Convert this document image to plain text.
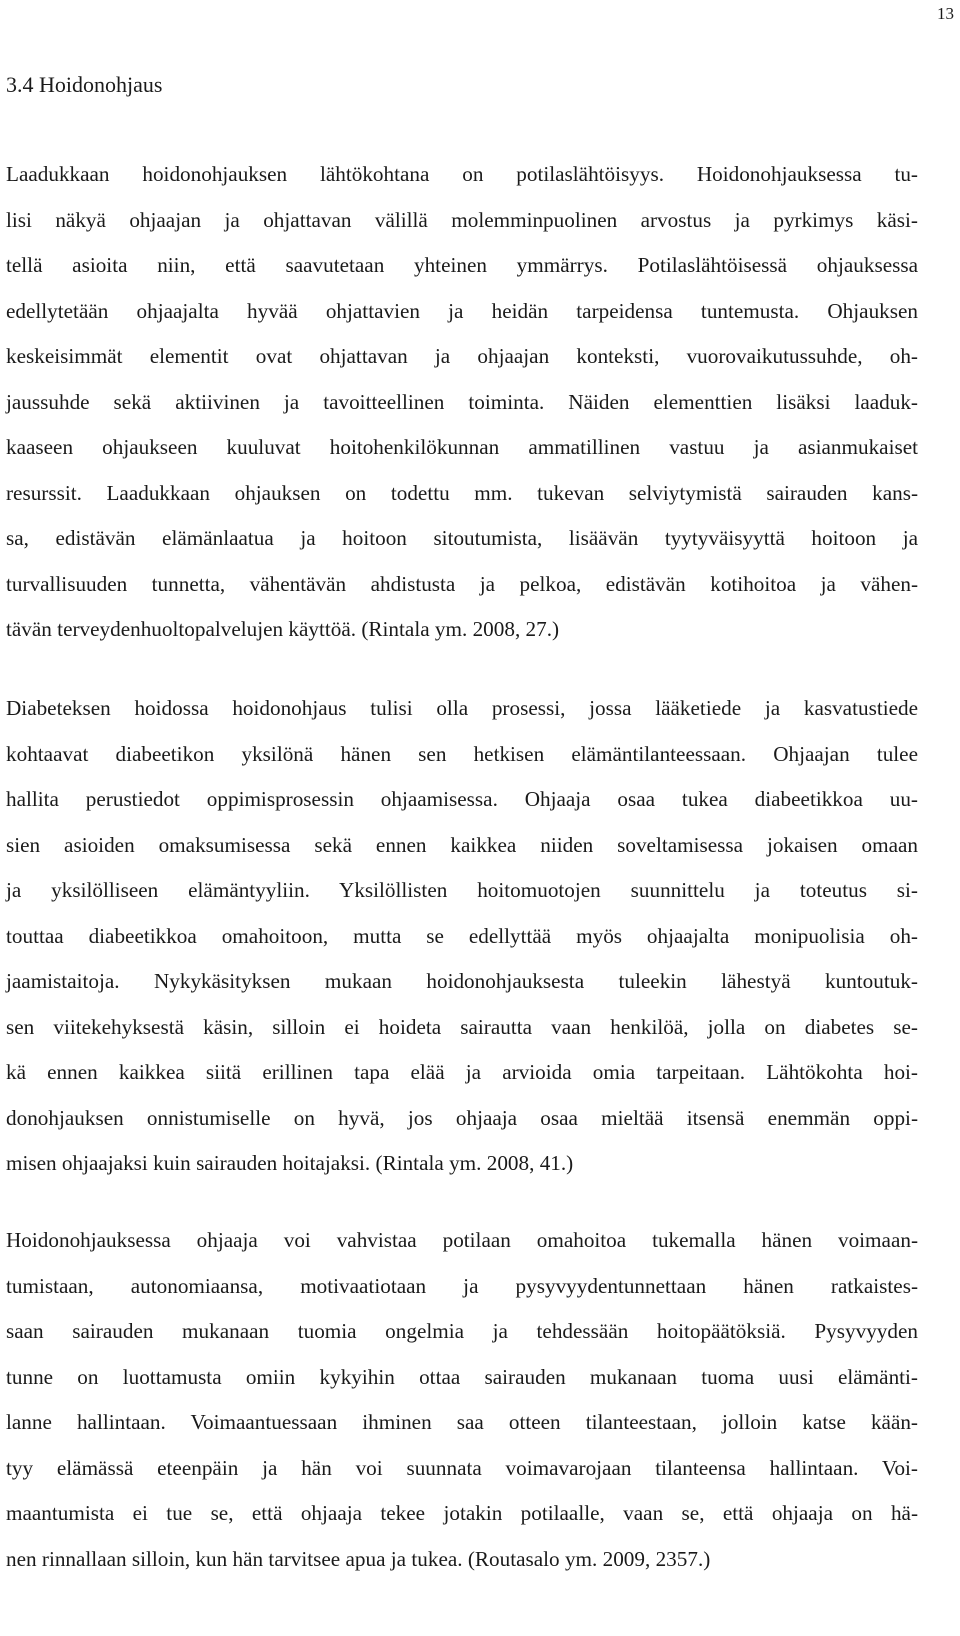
13
3.4 Hoidonohjaus
Laadukkaan hoidonohjauksen lähtökohtana on potilaslähtöisyys. Hoidonohjauksessa tu-
lisi näkyä ohjaajan ja ohjattavan välillä molemminpuolinen arvostus ja pyrkimys käsi-
tellä asioita niin, että saavutetaan yhteinen ymmärrys. Potilaslähtöisessä ohjauksessa
edellytetään ohjaajalta hyvää ohjattavien ja heidän tarpeidensa tuntemusta. Ohjauksen
keskeisimmät elementit ovat ohjattavan ja ohjaajan konteksti, vuorovaikutussuhde, oh-
jaussuhde sekä aktiivinen ja tavoitteellinen toiminta. Näiden elementtien lisäksi laaduk-
kaaseen ohjaukseen kuuluvat hoitohenkilökunnan ammatillinen vastuu ja asianmukaiset
resurssit. Laadukkaan ohjauksen on todettu mm. tukevan selviytymistä sairauden kans-
sa, edistävän elämänlaatua ja hoitoon sitoutumista, lisäävän tyytyväisyyttä hoitoon ja
turvallisuuden tunnetta, vähentävän ahdistusta ja pelkoa, edistävän kotihoitoa ja vähen-
tävän terveydenhuoltopalvelujen käyttöä. (Rintala ym. 2008, 27.)
Diabeteksen hoidossa hoidonohjaus tulisi olla prosessi, jossa lääketiede ja kasvatustiede
kohtaavat diabeetikon yksilönä hänen sen hetkisen elämäntilanteessaan. Ohjaajan tulee
hallita perustiedot oppimisprosessin ohjaamisessa. Ohjaaja osaa tukea diabeetikkoa uu-
sien asioiden omaksumisessa sekä ennen kaikkea niiden soveltamisessa jokaisen omaan
ja yksilölliseen elämäntyyliin. Yksilöllisten hoitomuotojen suunnittelu ja toteutus si-
touttaa diabeetikkoa omahoitoon, mutta se edellyttää myös ohjaajalta monipuolisia oh-
jaamistaitoja. Nykykäsityksen mukaan hoidonohjauksesta tuleekin lähestyä kuntoutuk-
sen viitekehyksestä käsin, silloin ei hoideta sairautta vaan henkilöä, jolla on diabetes se-
kä ennen kaikkea siitä erillinen tapa elää ja arvioida omia tarpeitaan. Lähtökohta hoi-
donohjauksen onnistumiselle on hyvä, jos ohjaaja osaa mieltää itsensä enemmän oppi-
misen ohjaajaksi kuin sairauden hoitajaksi. (Rintala ym. 2008, 41.)
Hoidonohjauksessa ohjaaja voi vahvistaa potilaan omahoitoa tukemalla hänen voimaan-
tumistaan, autonomiaansa, motivaatiotaan ja pysyvyydentunnettaan hänen ratkaistes-
saan sairauden mukanaan tuomia ongelmia ja tehdessään hoitopäätöksiä. Pysyvyyden
tunne on luottamusta omiin kykyihin ottaa sairauden mukanaan tuoma uusi elämänti-
lanne hallintaan. Voimaantuessaan ihminen saa otteen tilanteestaan, jolloin katse kään-
tyy elämässä eteenpäin ja hän voi suunnata voimavarojaan tilanteensa hallintaan. Voi-
maantumista ei tue se, että ohjaaja tekee jotakin potilaalle, vaan se, että ohjaaja on hä-
nen rinnallaan silloin, kun hän tarvitsee apua ja tukea. (Routasalo ym. 2009, 2357.)
